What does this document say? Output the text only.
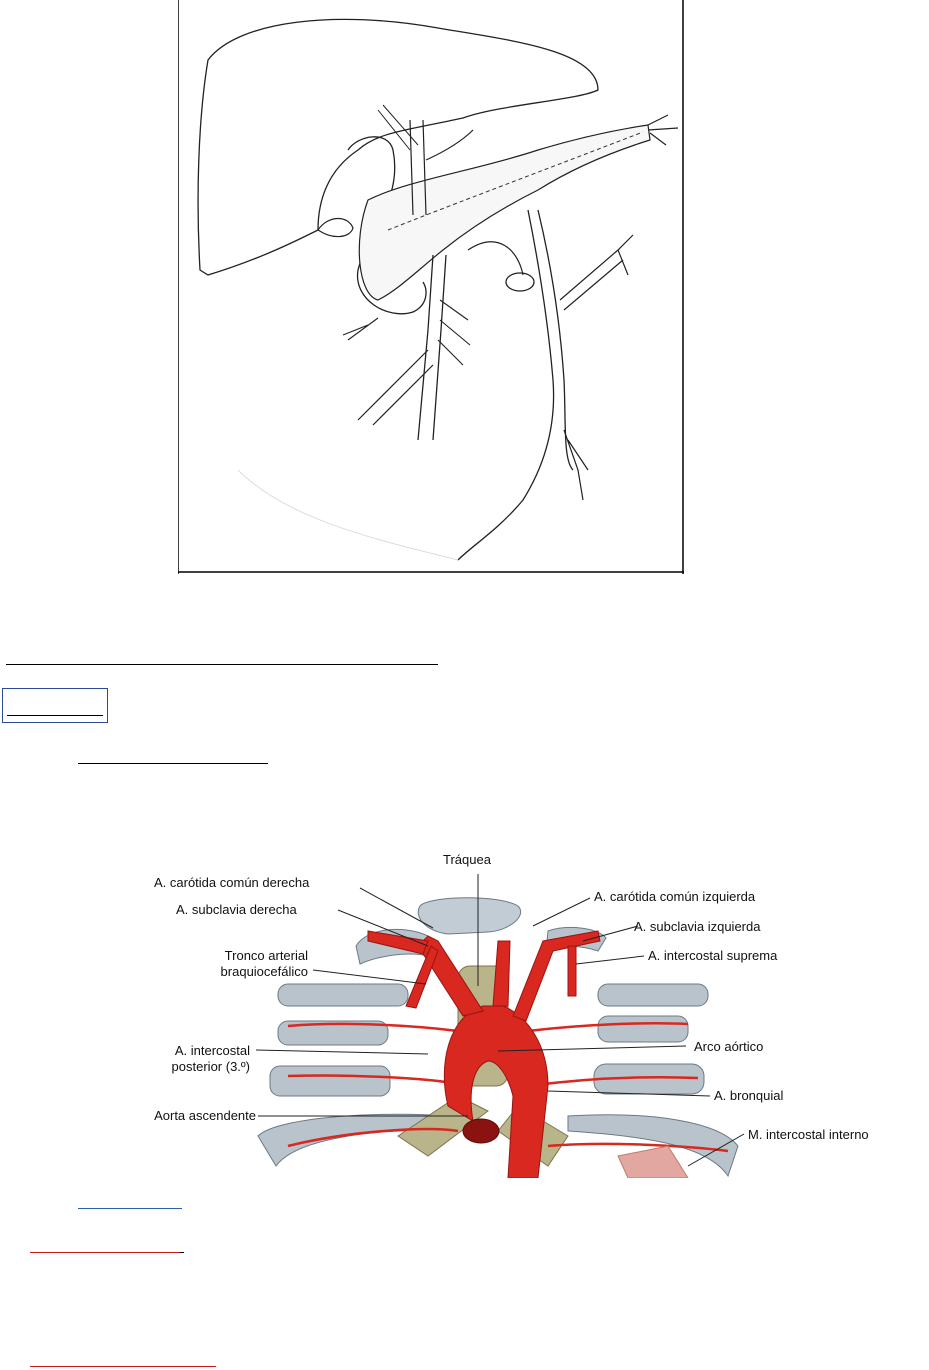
Tráquea
A. carótida común derecha
A. subclavia derecha
Tronco arterial
braquiocefálico
A. intercostal
posterior (3.º)
Aorta ascendente
A. carótida común izquierda
A. subclavia izquierda
A. intercostal suprema
Arco aórtico
A. bronquial
M. intercostal interno
